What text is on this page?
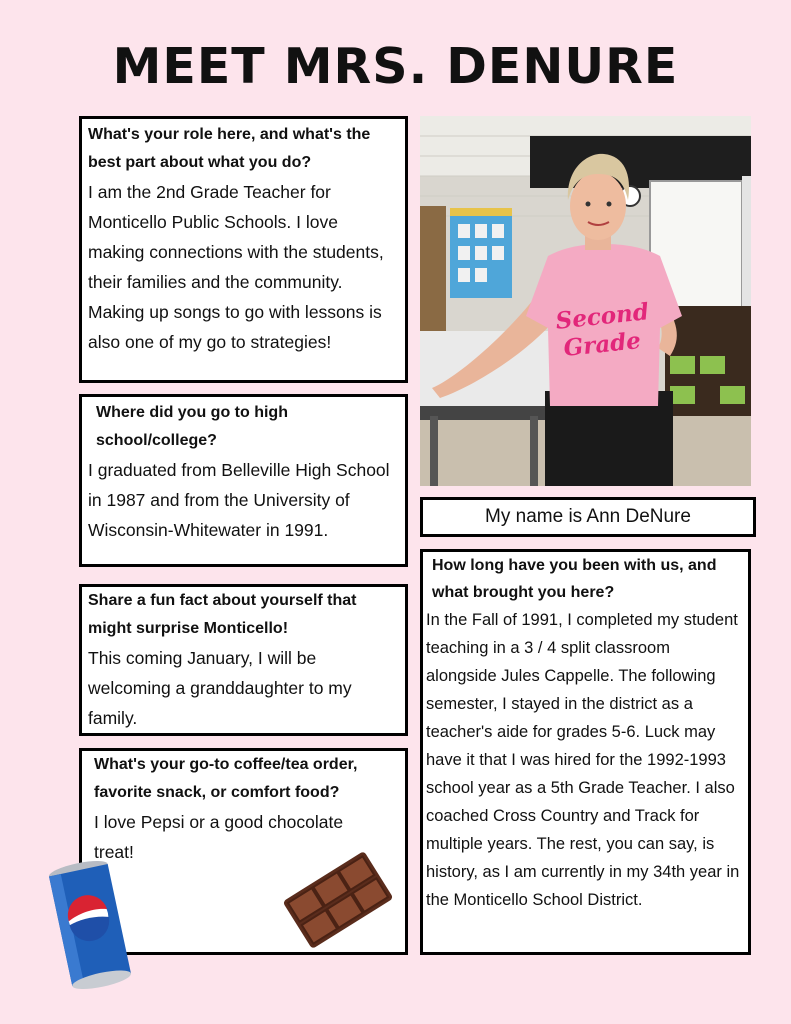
MEET MRS. DENURE
What's your role here, and what's the best part about what you do?
I am the 2nd Grade Teacher for Monticello Public Schools. I love making connections with the students, their families and the community. Making up songs to go with lessons is also one of my go to strategies!
Where did you go to high school/college?
I graduated from Belleville High School in 1987 and from the University of Wisconsin-Whitewater in 1991.
Share a fun fact about yourself that might surprise Monticello!
This coming January, I will be welcoming a granddaughter to my family.
What's your go-to coffee/tea order, favorite snack, or comfort food?
I love Pepsi or a good chocolate treat!
Second
Grade
My name is Ann DeNure
How long have you been with us, and what brought you here?
In the Fall of 1991, I completed my student teaching in a 3 / 4 split classroom alongside Jules Cappelle. The following semester, I stayed in the district as a teacher's aide for grades 5-6. Luck may have it that I was hired for the 1992-1993 school year as a 5th Grade Teacher. I also coached Cross Country and Track for multiple years. The rest, you can say, is history, as I am currently in my 34th year in the Monticello School District.
